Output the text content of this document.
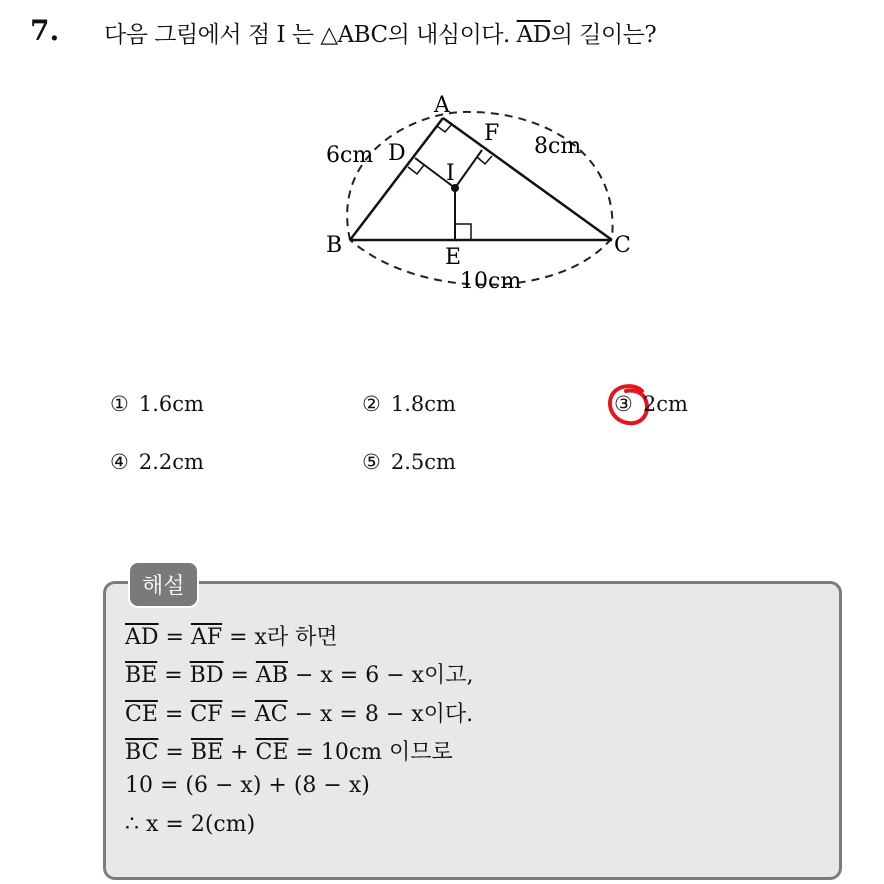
7. 다음 그림에서 점 I 는 △ABC의 내심이다. $\overline{AD}$의 길이는?
A
B	C
D
E
F
I
6cm	8cm
10cm
① 1.6cm	② 1.8cm	③ 2cm
④ 2.2cm	⑤ 2.5cm
해설
$\overline{AD} = \overline{AF} = x$라 하면
$\overline{BE} = \overline{BD} = \overline{AB} - x = 6 - x$이고,
$\overline{CE} = \overline{CF} = \overline{AC} - x = 8 - x$이다.
$\overline{BC} = \overline{BE} + \overline{CE} = 10cm$ 이므로
10 = (6 − x) + (8 − x)
∴ x = 2(cm)
